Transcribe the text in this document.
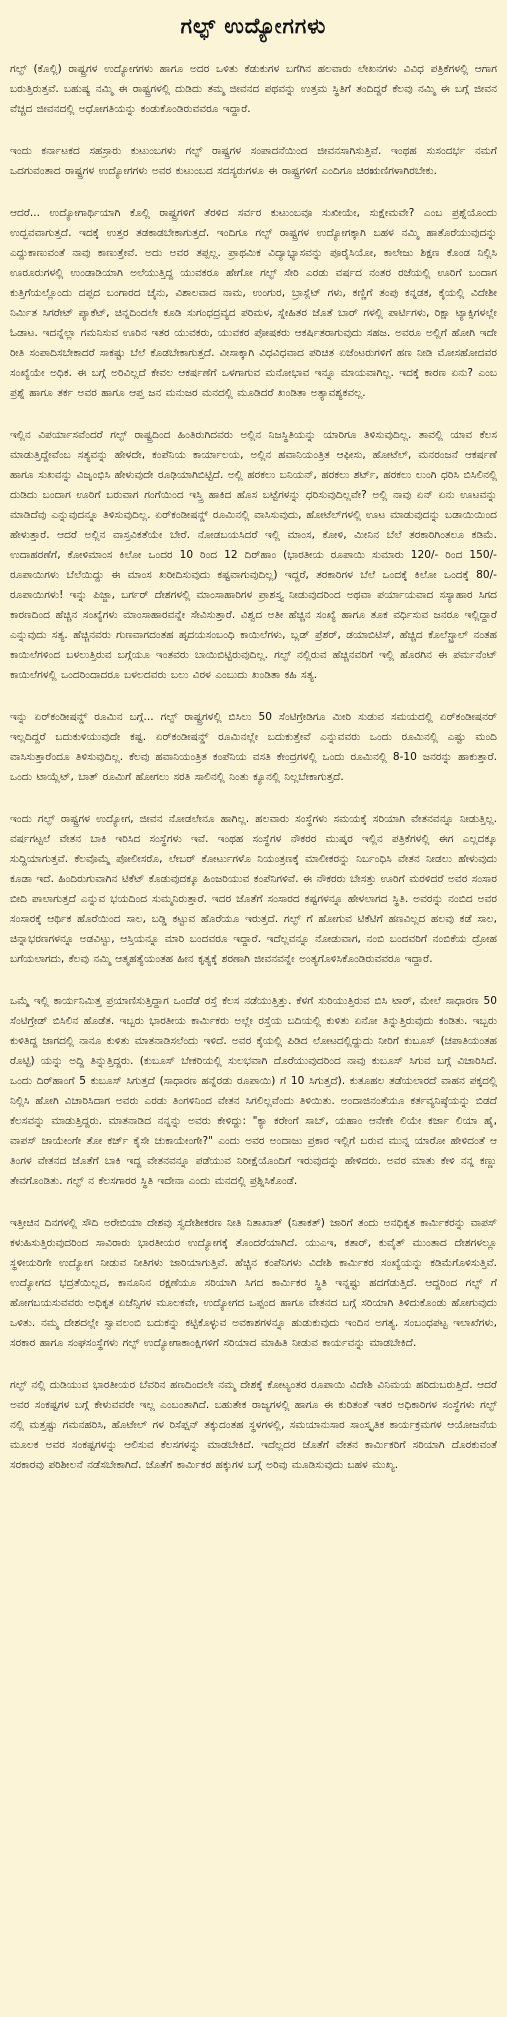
ಗಲ್ಫ್ ಉದ್ಯೋಗಗಳು

ಗಲ್ಫ್ (ಕೊಲ್ಲಿ) ರಾಷ್ಟ್ರಗಳ ಉದ್ಯೋಗಗಳು ಹಾಗೂ ಅದರ ಒಳಿತು ಕೆಡುಕುಗಳ ಬಗೆಗಿನ ಹಲವಾರು ಲೇಖನಗಳು ವಿವಿಧ ಪತ್ರಿಕೆಗಳಲ್ಲಿ ಆಗಾಗ ಬರುತ್ತಿರುತ್ತವೆ. ಬಹುಷ್ಯ ನಮ್ಮಿ ಈ ರಾಷ್ಟ್ರಗಳಲ್ಲಿ ದುಡಿದು ತಮ್ಮ ಜೀವನದ ಪಥವನ್ನು ಉತ್ತಮ ಸ್ಥಿತಿಗೆ ತಂದಿದ್ದರೆ ಕೆಲವು ನಮ್ಮಿ ಈ ಬಗ್ಗೆ ಜೀವನ ವೆಚ್ಚದ ಜೀವನದಲ್ಲಿ ಅಧೋಗತಿಯನ್ನು ಕಂಡುಕೊಂಡಿರುವವರೂ ಇದ್ದಾರೆ.

ಇಂದು ಕರ್ನಾಟಕದ ಸಹಸ್ರಾರು ಕುಟುಂಬಗಳು ಗಲ್ಫ್ ರಾಷ್ಟ್ರಗಳ ಸಂಪಾದನೆಯಿಂದ ಜೀವನಸಾಗಿಸುತ್ತಿವೆ. ಇಂಥಹ ಸುಸಂದರ್ಭ ನಮಗೆ ಒದಗುವಂತಾದ ರಾಷ್ಟ್ರಗಳ ಉದ್ಯೋಗಗಳು ಅವರ ಕುಟುಂಬದ ಸದಸ್ಯರುಗಳೂ ಈ ರಾಷ್ಟ್ರಗಳಿಗೆ ಎಂದಿಗೂ ಚಿರಋಣಿಗಳಾಗಿರಬೇಕು.

ಆದರೆ... ಉದ್ಯೋಗಾರ್ಥಿಯಾಗಿ ಕೊಲ್ಲಿ ರಾಷ್ಟ್ರಗಳಿಗೆ ತೆರಳಿದ ಸರ್ವರ ಕುಟುಂಬವೂ ಸುಖೀಯೇ, ಸುಕ್ಷೇಮವೇ? ಎಂಬ ಪ್ರಶ್ನೆಯೊಂದು ಉದ್ಭವವಾಗುತ್ತದೆ. ಇದಕ್ಕೆ ಉತ್ತರ ತಡಕಾಡಬೇಕಾಗುತ್ತದೆ. ಇಂದಿಗೂ ಗಲ್ಫ್ ರಾಷ್ಟ್ರಗಳ ಉದ್ಯೋಗಕ್ಕಾಗಿ ಬಹಳ ನಮ್ಮಿ ಹಾತೊರೆಯುವುದನ್ನು ಎದ್ದುಕಾಣುವಂತೆ ನಾವು ಕಾಣುತ್ತೇವೆ. ಅದು ಅವರ ತಪ್ಪಲ್ಲ. ಪ್ರಾಥಮಿಕ ವಿದ್ಯಾಭ್ಯಾಸವನ್ನು ಪೂರೈಸಿಯೋ, ಕಾಲೇಜು ಶಿಕ್ಷಣ ಕೊಂಡ ನಿಲ್ಲಿಸಿ ಊರೂರುಗಳಲ್ಲಿ ಉಂಡಾಡಿಯಾಗಿ ಅಲೆಯುತ್ತಿದ್ದ ಯುವಕರೂ ಹೇಗೋ ಗಲ್ಫ್ ಸೇರಿ ಎರಡು ವರ್ಷದ ನಂತರ ರಜೆಯಲ್ಲಿ ಊರಿಗೆ ಬಂದಾಗ ಕುತ್ತಿಗೆಯಲ್ಲೊಂದು ದಪ್ಪದ ಬಂಗಾರದ ಚೈನು, ವಿಶಾಲವಾದ ನಾಮ, ಉಂಗುರ, ಬ್ರಾಸ್ಲೆಟ್ ಗಳು, ಕಣ್ಣಿಗೆ ತಂಪು ಕನ್ನಡಕ, ಕೈಯಲ್ಲಿ ವಿದೇಶೀ ನಿರ್ಮಿತ ಸಿಗರೇಟ್ ಪ್ಯಾಕೆಟ್, ಚಿನ್ನದಿಂದಲೇ ಕೂಡಿ ಸುಗಂಧದ್ರವ್ಯದ ಪರಿಮಳ, ಸ್ನೇಹಿತರ ಜೊತೆ ಬಾರ್ ಗಳಲ್ಲಿ ಪಾರ್ಟಿಗಳು, ರಿಕ್ಷಾ ಟ್ಯಾಕ್ಸಿಗಳಲ್ಲೇ ಓಡಾಟ. ಇದನ್ನೆಲ್ಲಾ ಗಮನಿಸುವ ಊರಿನ ಇತರ ಯುವಕರು, ಯುವಕರ ಪೋಷಕರು ಆಕರ್ಷಿತರಾಗುವುದು ಸಹಜ. ಅವರೂ ಅಲ್ಲಿಗೆ ಹೋಗಿ ಇದೇ ರೀತಿ ಸಂಪಾದಿಸಬೇಕಾದರೆ ಸಾಕಷ್ಟು ಬೆಲೆ ಕೊಡಬೇಕಾಗುತ್ತದೆ. ವೀಸಾಕ್ಕಾಗಿ ವಿಧವಿಧವಾದ ಪರಿಚಿತ ಏಜೆಂಟರುಗಳಿಗೆ ಹಣ ನೀಡಿ ಮೋಸಹೋದವರ ಸಂಖ್ಯೆಯೇ ಅಧಿಕ. ಈ ಬಗ್ಗೆ ಅರಿವಿಲ್ಲದೆ ಕೇವಲ ಆಕರ್ಷಣೆಗೆ ಒಳಗಾಗುವ ಮನೋಭಾವ ಇನ್ನೂ ಮಾಯವಾಗಿಲ್ಲ. ಇದಕ್ಕೆ ಕಾರಣ ಏನು? ಎಂಬ ಪ್ರಶ್ನೆ ಹಾಗೂ ತರ್ಕ ಅವರ ಹಾಗೂ ಆಪ್ತ ಜನ ಮನುಜರ ಮನದಲ್ಲಿ ಮೂಡಿದರೆ ಖಂಡಿತಾ ಅತ್ಯಾವಶ್ಯಕವಲ್ಲ.

ಇಲ್ಲಿನ ವಿಪರ್ಯಾಸವೆಂದರೆ ಗಲ್ಫ್ ರಾಷ್ಟ್ರದಿಂದ ಹಿಂತಿರುಗಿದವರು ಅಲ್ಲಿನ ನಿಜಸ್ಥಿತಿಯನ್ನು ಯಾರಿಗೂ ತಿಳಿಸುವುದಿಲ್ಲ. ತಾವಲ್ಲಿ ಯಾವ ಕೆಲಸ ಮಾಡುತ್ತಿದ್ದೇವೆಂಬ ಸತ್ಯವನ್ನು ಹೇಳದೇ, ಕಂಪೆನಿಯ ಕಾರ್ಯಾಲಯ, ಅಲ್ಲಿನ ಹವಾನಿಯಂತ್ರಿತ ಆಫೀಸು, ಹೋಟೆಲ್, ಮನರಂಜನೆ ಆಕರ್ಷಣೆ ಹಾಗೂ ಸುಖವನ್ನು ವಿಜೃಂಭಿಸಿ ಹೇಳುವುದೇ ರೂಢಿಯಾಗಿಬಿಟ್ಟಿದೆ. ಅಲ್ಲಿ ಹರಕಲು ಬನಿಯನ್, ಹರಕಲು ಶರ್ಟ್, ಹರಕಲು ಲುಂಗಿ ಧರಿಸಿ ಬಿಸಿಲಿನಲ್ಲಿ ದುಡಿದು ಬಂದಾಗ ಊರಿಗೆ ಬರುವಾಗ ಗಂಗೆಯಿಂದ ಇಸ್ತ್ರಿ ಹಾಕಿದ ಹೊಸ ಬಟ್ಟೆಗಳನ್ನು ಧರಿಸುವುದಿಲ್ಲವೇ? ಅಲ್ಲಿ ನಾವು ಏನ್ ಏನು ಊಟವನ್ನು ಮಾಡಿದೆವು ಎನ್ನುವುದನ್ನೂ ತಿಳಿಸುವುದಿಲ್ಲ. ಏರ್‌ಕಂಡೀಷನ್ಡ್ ರೂಮಿನಲ್ಲಿ ವಾಸಿಸುವುದು, ಹೋಟೆಲ್‌ಗಳಲ್ಲಿ ಊಟ ಮಾಡುವುದನ್ನು ಬಡಾಯಿಯಿಂದ ಹೇಳುತ್ತಾರೆ. ಆದರೆ ಅಲ್ಲಿನ ವಾಸ್ತವಿಕತೆಯೇ ಬೇರೆ. ನೋಡಬಯಸಿದರೆ ಇಲ್ಲಿ ಮಾಂಸ, ಕೋಳಿ, ಮೀನಿನ ಬೆಲೆ ತರಕಾರಿಗಿಂತಲೂ ಕಡಿಮೆ. ಉದಾಹರಣೆಗೆ, ಕೋಳಿಮಾಂಸ ಕಿಲೋ ಒಂದರ 10 ರಿಂದ 12 ದಿರ್‌ಹಾಂ (ಭಾರತೀಯ ರೂಪಾಯಿ ಸುಮಾರು 120/- ರಿಂದ 150/- ರೂಪಾಯಿಗಳು ಬೆಲೆಯಿದ್ದು ಈ ಮಾಂಸ ಖರೀದಿಸುವುದು ಕಷ್ಟವಾಗುವುದಿಲ್ಲ) ಇದ್ದರೆ, ತರಕಾರಿಗಳ ಬೆಲೆ ಒಂದಕ್ಕೆ ಕಿಲೋ ಒಂದಕ್ಕೆ 80/- ರೂಪಾಯಿಗಳು! ಇನ್ನು ಪಿಜ್ಜಾ, ಬರ್ಗರ್ ದೇಶಗಳಲ್ಲಿ ಮಾಂಸಾಹಾರಿಗಳ ಪ್ರಾಶಸ್ತ್ಯ ನೀಡುವುದರಿಂದ ಅಥವಾ ಪರ್ಯಾಯವಾದ ಸಸ್ಯಾಹಾರ ಸಿಗದ ಕಾರಣದಿಂದ ಹೆಚ್ಚಿನ ಸಂಖ್ಯೆಗಳು ಮಾಂಸಾಹಾರವನ್ನೇ ಸೇವಿಸುತ್ತಾರೆ. ವಿಶ್ವದ ಅತೀ ಹೆಚ್ಚಿನ ಸಂಖ್ಯೆ ಹಾಗೂ ತೂಕ ವರ್ಧಿಸುವ ಜನರೂ ಇಲ್ಲಿದ್ದಾರೆ ಎನ್ನುವುದು ಸತ್ಯ. ಹೆಚ್ಚಿನವರು ಗುಣವಾಗದಂತಹ ಹೃದಯಸಂಬಂಧಿ ಕಾಯಿಲೆಗಳು, ಬ್ಲಡ್ ಪ್ರೆಶರ್, ಡಯಾಬಿಟಿಸ್, ಹೆಚ್ಚಿದ ಕೊಲೆಸ್ಟ್ರಾಲ್ ನಂತಹ ಕಾಯಿಲೆಗಳಿಂದ ಬಳಲುತ್ತಿರುವ ಬಗ್ಗೆಯೂ ಇಂತವರು ಬಾಯಿಬಿಟ್ಟಿರುವುದಿಲ್ಲ. ಗಲ್ಫ್ ನಲ್ಲಿರುವ ಹೆಚ್ಚಿನವರಿಗೆ ಇಲ್ಲಿ ಹೊರಗಿನ ಈ ಪರ್ಮನೆಂಟ್ ಕಾಯಿಲೆಗಳಲ್ಲಿ ಒಂದರಿಂದಾದರೂ ಬಳಲದವರು ಬಲು ವಿರಳ ಎಂಬುದು ಖಂಡಿತಾ ಕಹಿ ಸತ್ಯ.

ಇನ್ನು ಏರ್‌ಕಂಡೀಷನ್ಡ್ ರೂಮಿನ ಬಗ್ಗೆ... ಗಲ್ಫ್ ರಾಷ್ಟ್ರಗಳಲ್ಲಿ ಬಿಸಿಲು 50 ಸೆಂಟಿಗ್ರೇಡಿಗೂ ಮೀರಿ ಸುಡುವ ಸಮಯದಲ್ಲಿ ಏರ್‌ಕಂಡೀಷನರ್ ಇಲ್ಲದಿದ್ದರೆ ಬದುಕುಳಿಯುವುದೇ ಕಷ್ಟ. ಏರ್‌ಕಂಡೀಷನ್ಡ್ ರೂಮಿನಲ್ಲೇ ಬದುಕುತ್ತೇವೆ ಎನ್ನುವವರು ಒಂದು ರೂಮಿನಲ್ಲಿ ಎಷ್ಟು ಮಂದಿ ವಾಸಿಸುತ್ತಾರೆಂದೂ ತಿಳಿಸುವುದಿಲ್ಲ. ಕೆಲವು ಹವಾನಿಯಂತ್ರಿತ ಕಂಪೆನಿಯ ವಸತಿ ಕೇಂದ್ರಗಳಲ್ಲಿ ಒಂದು ರೂಮಿನಲ್ಲಿ 8-10 ಜನರನ್ನು ಹಾಕುತ್ತಾರೆ. ಒಂದು ಟಾಯ್ಲೆಟ್, ಬಾತ್ ರೂಮಿಗೆ ಹೋಗಲು ಸರತಿ ಸಾಲಿನಲ್ಲಿ ನಿಂತು ಕ್ಯೂನಲ್ಲಿ ನಿಲ್ಲಬೇಕಾಗುತ್ತದೆ.

ಇಂದು ಗಲ್ಫ್ ರಾಷ್ಟ್ರಗಳ ಉದ್ಯೋಗ, ಜೀವನ ನೋಡಲೇನೂ ಹಾಗಿಲ್ಲ. ಹಲವಾರು ಸಂಸ್ಥೆಗಳು ಸಮಯಕ್ಕೆ ಸರಿಯಾಗಿ ವೇತನವನ್ನೂ ನೀಡುತ್ತಿಲ್ಲ. ವರ್ಷಗಟ್ಟಲೆ ವೇತನ ಬಾಕಿ ಇರಿಸಿದ ಸಂಸ್ಥೆಗಳು ಇವೆ. ಇಂಥಹ ಸಂಸ್ಥೆಗಳ ನೌಕರರ ಮುಷ್ಕರ ಇಲ್ಲಿನ ಪತ್ರಿಕೆಗಳಲ್ಲಿ ಈಗ ಎಲ್ಲದಕ್ಕೂ ಸುದ್ದಿಯಾಗುತ್ತವೆ. ಕೆಲವೊಮ್ಮೆ ಪೋಲೀಸರೊ, ಲೇಬರ್ ಕೋರ್ಟುಗಳೊ ನಿಯಂತ್ರಣಕ್ಕೆ ಮಾಲೀಕರನ್ನು ನಿರ್ಬಂಧಿಸಿ ವೇತನ ನೀಡಲು ಹೇಳುವುದು ಕೂಡಾ ಇದೆ. ಹಿಂದಿರುಗುವಾಗಿನ ಟಿಕೆಟ್ ಕೊಡುವುದಕ್ಕೂ ಹಿಂಜರಿಯುವ ಕಂಪೆನಿಗಳಿವೆ. ಈ ನೌಕರರು ಬೇಸತ್ತು ಊರಿಗೆ ಮರಳಿದರೆ ಅವರ ಸಂಸಾರ ಬೀದಿ ಪಾಲಾಗುತ್ತದೆ ಎನ್ನುವ ಭಯದಿಂದ ಸುಮ್ಮನಿರುತ್ತಾರೆ. ಇದರ ಜೊತೆಗೆ ಸಂಸಾರದ ಕಷ್ಟಗಳನ್ನೂ ಹೇಳಲಾಗದ ಸ್ಥಿತಿ. ಅವರನ್ನು ನಂಬಿದ ಅವರ ಸಂಸಾರಕ್ಕೆ ಆರ್ಥಿಕ ಹೊರೆಯಿಂದ ಸಾಲ, ಬಡ್ಡಿ ಕಟ್ಟುವ ಹೊರೆಯೂ ಇರುತ್ತದೆ. ಗಲ್ಫ್ ಗೆ ಹೋಗುವ ಟಿಕೆಟಿಗೆ ಹಣವಿಲ್ಲದ ಹಲವು ಕಡೆ ಸಾಲ, ಚಿನ್ನಾಭರಣಗಳನ್ನೂ ಅಡವಿಟ್ಟು, ಆಸ್ತಿಯನ್ನೂ ಮಾರಿ ಬಂದವರೂ ಇದ್ದಾರೆ. ಇದೆಲ್ಲವನ್ನೂ ನೋಡುವಾಗ, ನಂಬಿ ಬಂದವರಿಗೆ ನಂಬಿಕೆಯ ದ್ರೋಹ ಬಗೆಯಲಾಗದು, ಕೆಲವು ನಮ್ಮಿ ಆತ್ಮಹತ್ಯೆಯಂತಹ ಹೀನ ಕೃತ್ಯಕ್ಕೆ ಶರಣಾಗಿ ಜೀವನವನ್ನೇ ಅಂತ್ಯಗೊಳಿಸಿಕೊಂಡಿರುವವರೂ ಇದ್ದಾರೆ.

ಒಮ್ಮೆ ಇಲ್ಲಿ ಕಾರ್ಯನಿಮಿತ್ತ ಪ್ರಯಾಣಿಸುತ್ತಿದ್ದಾಗ ಒಂದೆಡೆ ರಸ್ತೆ ಕೆಲಸ ನಡೆಯುತ್ತಿತ್ತು. ಕೆಳಗೆ ಸುರಿಯುತ್ತಿರುವ ಬಿಸಿ ಟಾರ್, ಮೇಲೆ ಸಾಧಾರಣ 50 ಸೆಂಟಿಗ್ರೇಡ್ ಬಿಸಿಲಿನ ಹೊಡೆತ. ಇಬ್ಬರು ಭಾರತೀಯ ಕಾರ್ಮಿಕರು ಅಲ್ಲೇ ರಸ್ತೆಯ ಬದಿಯಲ್ಲಿ ಕುಳಿತು ಏನೋ ತಿನ್ನುತ್ತಿರುವುದು ಕಂಡಿತು. ಇಬ್ಬರು ಕುಳಿತಿದ್ದ ಜಾಗದಲ್ಲಿ ನಾನೂ ಕುಳಿತು ಮಾತನಾಡಿಸಲೆಂದು ಇಳಿದೆ. ಅವರ ಕೈಯಲ್ಲಿ ಪಿಡಿದ ಲೋಟದಲ್ಲಿದ್ದುದು ನೀರಿಗೆ ಕುಬೂಸ್ (ಚಪಾತಿಯಂತಹ ರೊಟ್ಟಿ) ಯನ್ನು ಅದ್ದಿ ತಿನ್ನುತ್ತಿದ್ದರು. (ಕುಬೂಸ್ ಬೇಕರಿಯಲ್ಲಿ ಸುಲಭವಾಗಿ ದೊರೆಯುವುದರಿಂದ ನಾವು ಕುಬೂಸ್ ಸಿಗುವ ಬಗ್ಗೆ ವಿಚಾರಿಸಿದೆ. ಒಂದು ದಿರ್‌ಹಾಂಗೆ 5 ಕುಬೂಸ್ ಸಿಗುತ್ತದೆ (ಸಾಧಾರಣ ಹನ್ನೆರಡು ರೂಪಾಯಿ) ಗೆ 10 ಸಿಗುತ್ತದೆ). ಕುತೂಹಲ ತಡೆಯಲಾರದೆ ವಾಹನ ಪಕ್ಕದಲ್ಲಿ ನಿಲ್ಲಿಸಿ ಹೋಗಿ ವಿಚಾರಿಸಿದಾಗ ಅವರು ಎರಡು ತಿಂಗಳಿನಿಂದ ವೇತನ ಸಿಗಲಿಲ್ಲವೆಂದು ತಿಳಿಯಿತು. ಅಂದಾಜಿನಂತೆಯೂ ಕರ್ತವ್ಯನಿಷ್ಠೆಯನ್ನು ಬಿಡದೆ ಕೆಲಸವನ್ನು ಮಾಡುತ್ತಿದ್ದರು. ಮಾತನಾಡಿದ ನನ್ನನ್ನು ಅವರು ಕೇಳಿದ್ದು: "ಕ್ಯಾ ಕರೇಂಗೆ ಸಾಬ್, ಯಹಾಂ ಆನೇಕೇ ಲಿಯೇ ಕರ್ಜಾ ಲಿಯಾ ಹೈ, ವಾಪಸ್ ಜಾಯೇಂಗೇ ತೋ ಕರ್ಜ್ ಕೈಸೇ ಚುಕಾಯೇಂಗೇ?" ಎಂದು ಅವರ ಅಂದಾಜು ಪ್ರಕಾರ ಇಲ್ಲಿಗೆ ಬರುವ ಮುನ್ನ ಯಾರೋ ಹೇಳಿದಂತೆ ಆ ತಿಂಗಳ ವೇತನದ ಜೊತೆಗೆ ಬಾಕಿ ಇದ್ದ ವೇತನವನ್ನೂ ಪಡೆಯುವ ನಿರೀಕ್ಷೆಯೊಂದಿಗೆ ಇರುವುದನ್ನು ಹೇಳಿದರು. ಅವರ ಮಾತು ಕೇಳಿ ನನ್ನ ಕಣ್ಣು ತೇವಗೊಂಡಿತು. ಗಲ್ಫ್ ನ ಕೆಲಸಗಾರರ ಸ್ಥಿತಿ ಇದೇನಾ ಎಂದು ಮನದಲ್ಲಿ ಪ್ರಶ್ನಿಸಿಕೊಂಡೆ.

ಇತ್ತೀಚಿನ ದಿನಗಳಲ್ಲಿ ಸೌದಿ ಅರೇಬಿಯಾ ದೇಶವು ಸ್ವದೇಶೀಕರಣ ನೀತಿ ನಿತಾಖಾತ್ (ನಿತಾಕತ್) ಜಾರಿಗೆ ತಂದು ಅನಧಿಕೃತ ಕಾರ್ಮಿಕರನ್ನು ವಾಪಸ್ ಕಳುಹಿಸುತ್ತಿರುವುದರಿಂದ ಸಾವಿರಾರು ಭಾರತೀಯರ ಉದ್ಯೋಗಕ್ಕೆ ತೊಂದರೆಯಾಗಿದೆ. ಯುಎಇ, ಕತಾರ್, ಕುವೈತ್ ಮುಂತಾದ ದೇಶಗಳಲ್ಲೂ ಸ್ಥಳೀಯರಿಗೇ ಉದ್ಯೋಗ ನೀಡುವ ನೀತಿಗಳು ಜಾರಿಯಾಗುತ್ತಿವೆ. ಹೆಚ್ಚಿನ ಕಂಪೆನಿಗಳು ವಿದೇಶಿ ಕಾರ್ಮಿಕರ ಸಂಖ್ಯೆಯನ್ನು ಕಡಿಮೆಗೊಳಿಸುತ್ತಿವೆ. ಉದ್ಯೋಗದ ಭದ್ರತೆಯಿಲ್ಲದ, ಕಾನೂನಿನ ರಕ್ಷಣೆಯೂ ಸರಿಯಾಗಿ ಸಿಗದ ಕಾರ್ಮಿಕರ ಸ್ಥಿತಿ ಇನ್ನಷ್ಟು ಹದಗೆಡುತ್ತಿದೆ. ಆದ್ದರಿಂದ ಗಲ್ಫ್ ಗೆ ಹೋಗಬಯಸುವವರು ಅಧಿಕೃತ ಏಜೆನ್ಸಿಗಳ ಮೂಲಕವೇ, ಉದ್ಯೋಗದ ಒಪ್ಪಂದ ಹಾಗೂ ವೇತನದ ಬಗ್ಗೆ ಸರಿಯಾಗಿ ತಿಳಿದುಕೊಂಡು ಹೋಗುವುದು ಒಳಿತು. ನಮ್ಮ ದೇಶದಲ್ಲೇ ಸ್ವಾವಲಂಬಿ ಬದುಕನ್ನು ಕಟ್ಟಿಕೊಳ್ಳುವ ಅವಕಾಶಗಳನ್ನೂ ಹುಡುಕುವುದು ಇಂದಿನ ಅಗತ್ಯ. ಸಂಬಂಧಪಟ್ಟ ಇಲಾಖೆಗಳು, ಸರಕಾರ ಹಾಗೂ ಸಂಘಸಂಸ್ಥೆಗಳು ಗಲ್ಫ್ ಉದ್ಯೋಗಾಕಾಂಕ್ಷಿಗಳಿಗೆ ಸರಿಯಾದ ಮಾಹಿತಿ ನೀಡುವ ಕಾರ್ಯವನ್ನು ಮಾಡಬೇಕಿದೆ.

ಗಲ್ಫ್ ನಲ್ಲಿ ದುಡಿಯುವ ಭಾರತೀಯರ ಬೆವರಿನ ಹಣದಿಂದಲೇ ನಮ್ಮ ದೇಶಕ್ಕೆ ಕೋಟ್ಯಂತರ ರೂಪಾಯಿ ವಿದೇಶಿ ವಿನಿಮಯ ಹರಿದುಬರುತ್ತಿದೆ. ಆದರೆ ಅವರ ಸಂಕಷ್ಟಗಳ ಬಗ್ಗೆ ಕೇಳುವವರೇ ಇಲ್ಲ ಎಂಬಂತಾಗಿದೆ. ಬಹುತೇಕ ರಾಜ್ಯಗಳಲ್ಲಿ ಹಾಗೂ ಈ ಕುರಿತಂತೆ ಇತರ ಅಧಿಕಾರಿಗಳ ಸಂಸ್ಥೆಗಳು ಗಲ್ಫ್ ನಲ್ಲಿ ಮತ್ತಷ್ಟು ಗಮನಹರಿಸಿ, ಹೊಟೇಲ್ ಗಳ ರಿಸೆಪ್ಷನ್ ತಕ್ಕುದಂತಹ ಸ್ಥಳಗಳಲ್ಲಿ, ಸಮಯಾನುಸಾರ ಸಾಂಸ್ಕೃತಿಕ ಕಾರ್ಯಕ್ರಮಗಳ ಆಯೋಜನೆಯ ಮೂಲಕ ಅವರ ಸಂಕಷ್ಟಗಳನ್ನು ಆಲಿಸುವ ಕೆಲಸಗಳನ್ನು ಮಾಡಬೇಕಿದೆ. ಇದೆಲ್ಲದರ ಜೊತೆಗೆ ವೇತನ ಕಾರ್ಮಿಕರಿಗೆ ಸರಿಯಾಗಿ ದೊರಕುವಂತೆ ಸರಕಾರವು ಪರಿಶೀಲನೆ ನಡೆಸಬೇಕಾಗಿದೆ. ಜೊತೆಗೆ ಕಾರ್ಮಿಕರ ಹಕ್ಕುಗಳ ಬಗ್ಗೆ ಅರಿವು ಮೂಡಿಸುವುದು ಬಹಳ ಮುಖ್ಯ.
